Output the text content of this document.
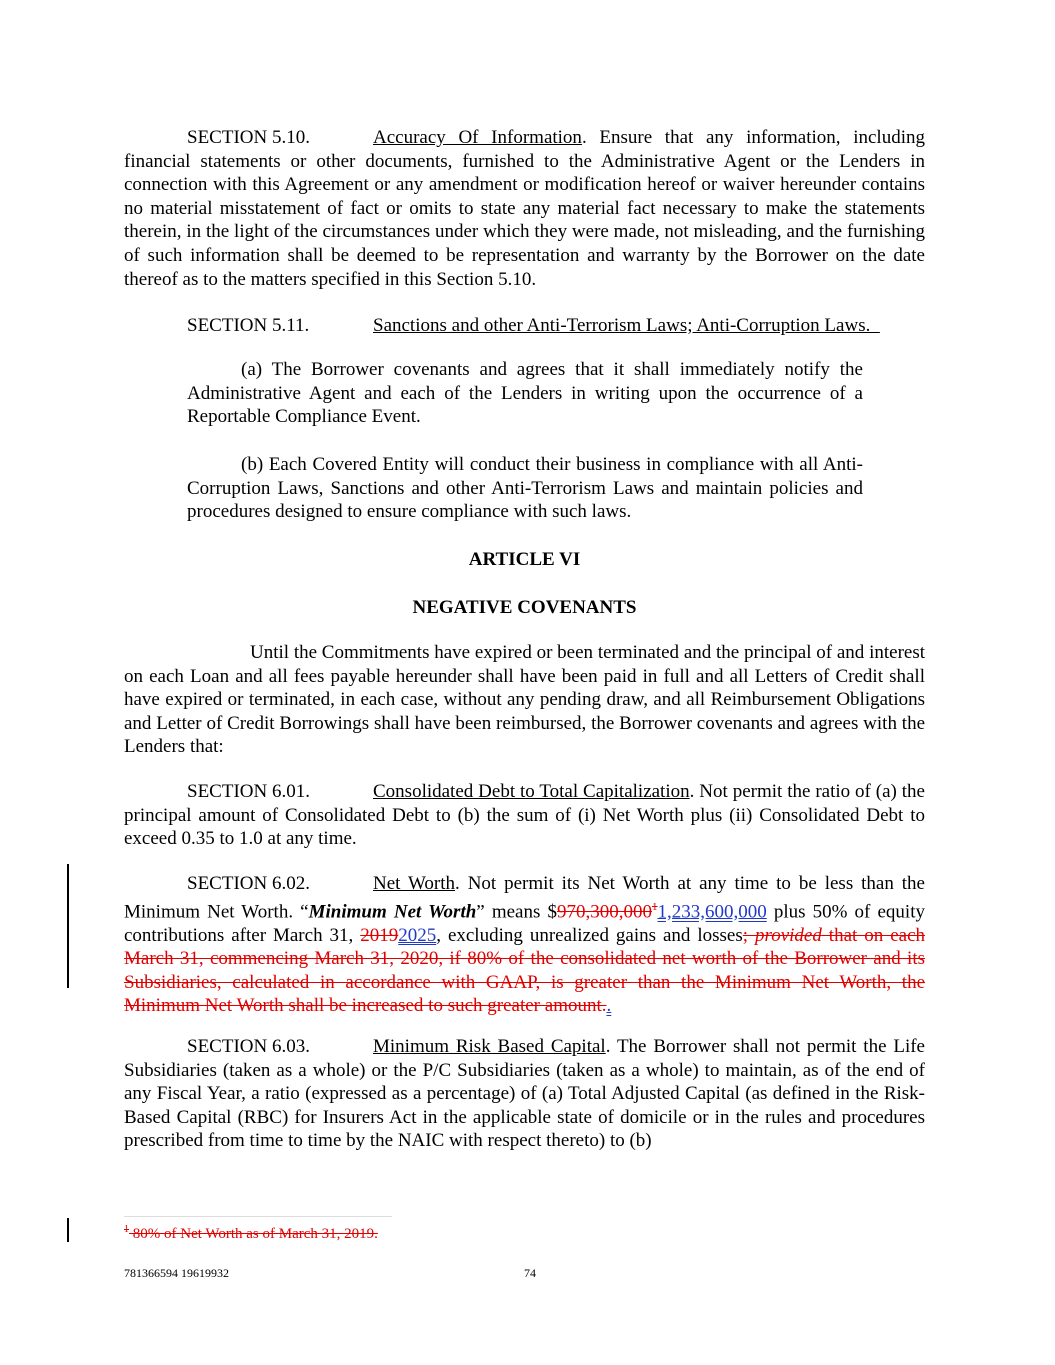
SECTION 5.10.	Accuracy Of Information. Ensure that any information, including financial statements or other documents, furnished to the Administrative Agent or the Lenders in connection with this Agreement or any amendment or modification hereof or waiver hereunder contains no material misstatement of fact or omits to state any material fact necessary to make the statements therein, in the light of the circumstances under which they were made, not misleading, and the furnishing of such information shall be deemed to be representation and warranty by the Borrower on the date thereof as to the matters specified in this Section 5.10.

SECTION 5.11.	Sanctions and other Anti-Terrorism Laws; Anti-Corruption Laws.

(a) The Borrower covenants and agrees that it shall immediately notify the Administrative Agent and each of the Lenders in writing upon the occurrence of a Reportable Compliance Event.

(b) Each Covered Entity will conduct their business in compliance with all Anti-Corruption Laws, Sanctions and other Anti-Terrorism Laws and maintain policies and procedures designed to ensure compliance with such laws.

ARTICLE VI

NEGATIVE COVENANTS

Until the Commitments have expired or been terminated and the principal of and interest on each Loan and all fees payable hereunder shall have been paid in full and all Letters of Credit shall have expired or terminated, in each case, without any pending draw, and all Reimbursement Obligations and Letter of Credit Borrowings shall have been reimbursed, the Borrower covenants and agrees with the Lenders that:

SECTION 6.01.	Consolidated Debt to Total Capitalization. Not permit the ratio of (a) the principal amount of Consolidated Debt to (b) the sum of (i) Net Worth plus (ii) Consolidated Debt to exceed 0.35 to 1.0 at any time.

SECTION 6.02.	Net Worth. Not permit its Net Worth at any time to be less than the Minimum Net Worth. “Minimum Net Worth” means $970,300,000$^1$1,233,600,000 plus 50% of equity contributions after March 31, 20192025, excluding unrealized gains and losses; provided that on each March 31, commencing March 31, 2020, if 80% of the consolidated net worth of the Borrower and its Subsidiaries, calculated in accordance with GAAP, is greater than the Minimum Net Worth, the Minimum Net Worth shall be increased to such greater amount..

SECTION 6.03.	Minimum Risk Based Capital. The Borrower shall not permit the Life Subsidiaries (taken as a whole) or the P/C Subsidiaries (taken as a whole) to maintain, as of the end of any Fiscal Year, a ratio (expressed as a percentage) of (a) Total Adjusted Capital (as defined in the Risk-Based Capital (RBC) for Insurers Act in the applicable state of domicile or in the rules and procedures prescribed from time to time by the NAIC with respect thereto) to (b)

$^1$ 80% of Net Worth as of March 31, 2019.

781366594 19619932	74
